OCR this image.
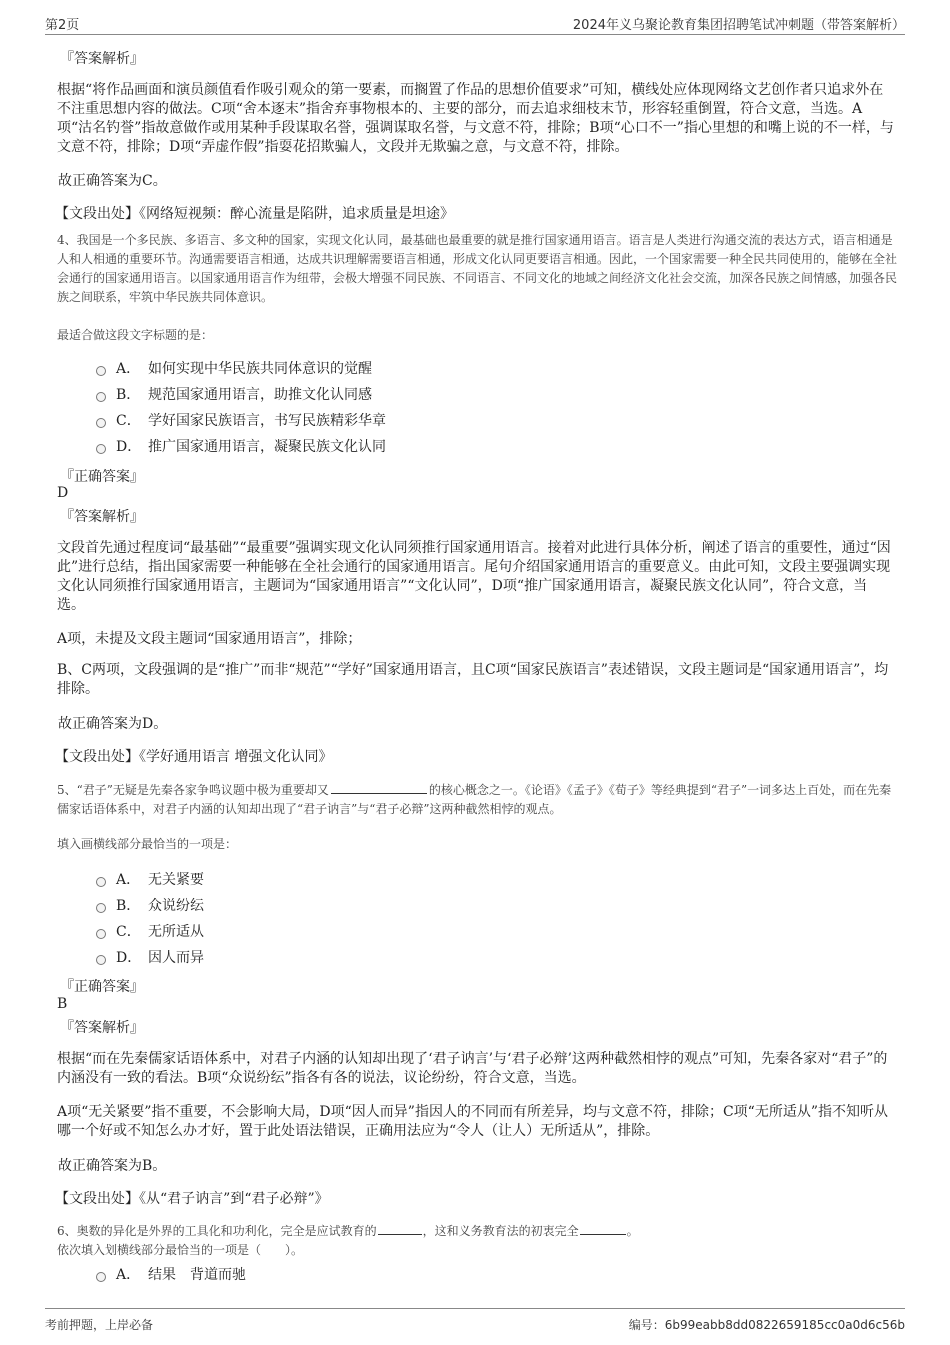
第2页	2024年义乌聚论教育集团招聘笔试冲刺题（带答案解析）
『答案解析』
根据“将作品画面和演员颜值看作吸引观众的第一要素，而搁置了作品的思想价值要求”可知，横线处应体现网络文艺创作者只追求外在不注重思想内容的做法。C项“舍本逐末”指舍弃事物根本的、主要的部分，而去追求细枝末节，形容轻重倒置，符合文意，当选。A项“沽名钓誉”指故意做作或用某种手段谋取名誉，强调谋取名誉，与文意不符，排除；B项“心口不一”指心里想的和嘴上说的不一样，与文意不符，排除；D项“弄虚作假”指耍花招欺骗人，文段并无欺骗之意，与文意不符，排除。
故正确答案为C。
【文段出处】《网络短视频：醉心流量是陷阱，追求质量是坦途》
4、我国是一个多民族、多语言、多文种的国家，实现文化认同，最基础也最重要的就是推行国家通用语言。语言是人类进行沟通交流的表达方式，语言相通是人和人相通的重要环节。沟通需要语言相通，达成共识理解需要语言相通，形成文化认同更要语言相通。因此，一个国家需要一种全民共同使用的，能够在全社会通行的国家通用语言。以国家通用语言作为纽带，会极大增强不同民族、不同语言、不同文化的地域之间经济文化社会交流，加深各民族之间情感，加强各民族之间联系，牢筑中华民族共同体意识。
最适合做这段文字标题的是：
A． 如何实现中华民族共同体意识的觉醒
B． 规范国家通用语言，助推文化认同感
C． 学好国家民族语言，书写民族精彩华章
D． 推广国家通用语言，凝聚民族文化认同
『正确答案』
D
『答案解析』
文段首先通过程度词“最基础”“最重要”强调实现文化认同须推行国家通用语言。接着对此进行具体分析，阐述了语言的重要性，通过“因此”进行总结，指出国家需要一种能够在全社会通行的国家通用语言。尾句介绍国家通用语言的重要意义。由此可知，文段主要强调实现文化认同须推行国家通用语言，主题词为“国家通用语言”“文化认同”，D项“推广国家通用语言，凝聚民族文化认同”，符合文意，当选。
A项，未提及文段主题词“国家通用语言”，排除；
B、C两项，文段强调的是“推广”而非“规范”“学好”国家通用语言，且C项“国家民族语言”表述错误，文段主题词是“国家通用语言”，均排除。
故正确答案为D。
【文段出处】《学好通用语言 增强文化认同》
5、“君子”无疑是先秦各家争鸣议题中极为重要却又	的核心概念之一。《论语》《孟子》《荀子》等经典提到“君子”一词多达上百处，而在先秦儒家话语体系中，对君子内涵的认知却出现了“君子讷言”与“君子必辩”这两种截然相悖的观点。
填入画横线部分最恰当的一项是：
A． 无关紧要
B． 众说纷纭
C． 无所适从
D． 因人而异
『正确答案』
B
『答案解析』
根据“而在先秦儒家话语体系中，对君子内涵的认知却出现了‘君子讷言’与‘君子必辩’这两种截然相悖的观点”可知，先秦各家对“君子”的内涵没有一致的看法。B项“众说纷纭”指各有各的说法，议论纷纷，符合文意，当选。
A项“无关紧要”指不重要，不会影响大局，D项“因人而异”指因人的不同而有所差异，均与文意不符，排除；C项“无所适从”指不知听从哪一个好或不知怎么办才好，置于此处语法错误，正确用法应为“令人（让人）无所适从”，排除。
故正确答案为B。
【文段出处】《从“君子讷言”到“君子必辩”》
6、奥数的异化是外界的工具化和功利化，完全是应试教育的	，这和义务教育法的初衷完全	。
依次填入划横线部分最恰当的一项是（　　）。
A． 结果　背道而驰
考前押题，上岸必备	编号：6b99eabb8dd0822659185cc0a0d6c56b
